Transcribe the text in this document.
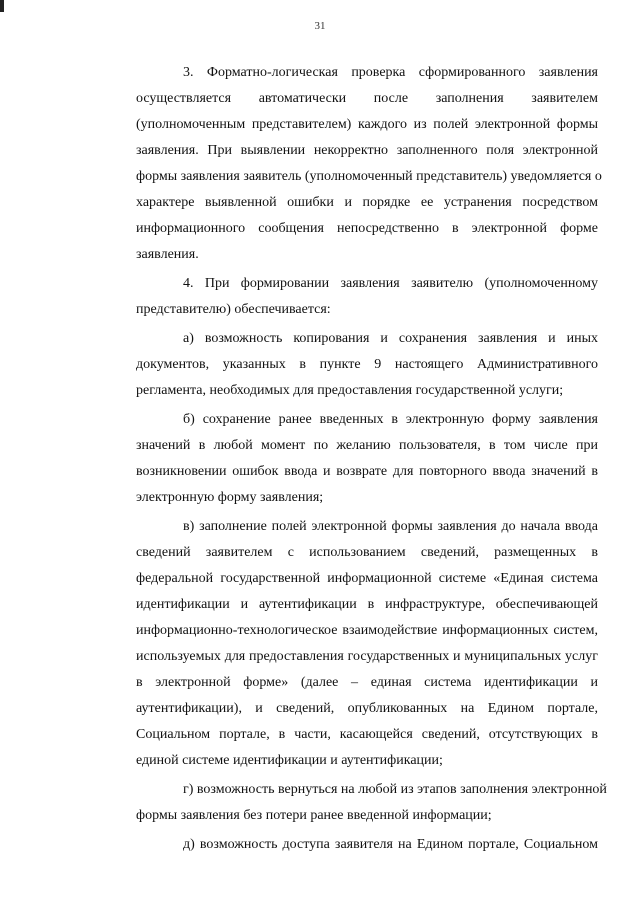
31
3. Форматно-логическая проверка сформированного заявления
осуществляется автоматически после заполнения заявителем
(уполномоченным представителем) каждого из полей электронной формы
заявления. При выявлении некорректно заполненного поля электронной
формы заявления заявитель (уполномоченный представитель) уведомляется о
характере выявленной ошибки и порядке ее устранения посредством
информационного сообщения непосредственно в электронной форме
заявления.
4. При формировании заявления заявителю (уполномоченному
представителю) обеспечивается:
а) возможность копирования и сохранения заявления и иных
документов, указанных в пункте 9 настоящего Административного
регламента, необходимых для предоставления государственной услуги;
б) сохранение ранее введенных в электронную форму заявления
значений в любой момент по желанию пользователя, в том числе при
возникновении ошибок ввода и возврате для повторного ввода значений в
электронную форму заявления;
в) заполнение полей электронной формы заявления до начала ввода
сведений заявителем с использованием сведений, размещенных в
федеральной государственной информационной системе «Единая система
идентификации и аутентификации в инфраструктуре, обеспечивающей
информационно-технологическое взаимодействие информационных систем,
используемых для предоставления государственных и муниципальных услуг
в электронной форме» (далее – единая система идентификации и
аутентификации), и сведений, опубликованных на Едином портале,
Социальном портале, в части, касающейся сведений, отсутствующих в
единой системе идентификации и аутентификации;
г) возможность вернуться на любой из этапов заполнения электронной
формы заявления без потери ранее введенной информации;
д) возможность доступа заявителя на Едином портале, Социальном
